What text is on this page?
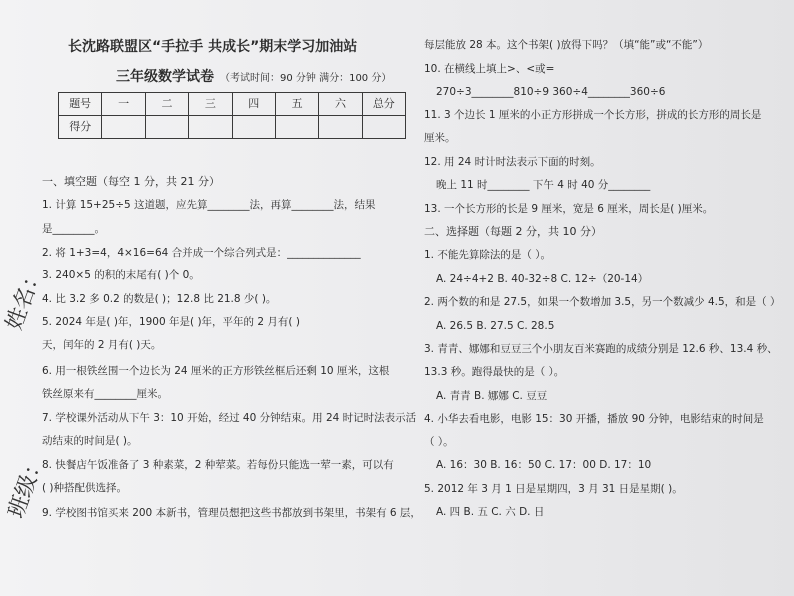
姓名：
班级：
长沈路联盟区“手拉手 共成长”期末学习加油站
三年级数学试卷 （考试时间：90 分钟 满分：100 分）
题号	一	二	三	四	五	六	总分
得分							
一、填空题（每空 1 分，共 21 分）
1. 计算 15+25÷5 这道题，应先算________法，再算________法，结果
是________。
2. 将 1+3=4，4×16=64 合并成一个综合列式是：______________
3. 240×5 的积的末尾有( )个 0。
4. 比 3.2 多 0.2 的数是( )；12.8 比 21.8 少( )。
5. 2024 年是( )年，1900 年是( )年，平年的 2 月有( )
天，闰年的 2 月有( )天。
6. 用一根铁丝围一个边长为 24 厘米的正方形铁丝框后还剩 10 厘米，这根
铁丝原来有________厘米。
7. 学校课外活动从下午 3：10 开始，经过 40 分钟结束。用 24 时记时法表示活
动结束的时间是( )。
8. 快餐店午饭准备了 3 种素菜，2 种荤菜。若每份只能选一荤一素，可以有
( )种搭配供选择。
9. 学校图书馆买来 200 本新书，管理员想把这些书都放到书架里，书架有 6 层，
每层能放 28 本。这个书架( )放得下吗？（填“能”或“不能”）
10. 在横线上填上>、<或=
270÷3________810÷9 360÷4________360÷6
11. 3 个边长 1 厘米的小正方形拼成一个长方形，拼成的长方形的周长是
厘米。
12. 用 24 时计时法表示下面的时刻。
晚上 11 时________ 下午 4 时 40 分________
13. 一个长方形的长是 9 厘米，宽是 6 厘米，周长是( )厘米。
二、选择题（每题 2 分，共 10 分）
1. 不能先算除法的是（ ）。
A. 24÷4+2 B. 40-32÷8 C. 12÷（20-14）
2. 两个数的和是 27.5，如果一个数增加 3.5，另一个数减少 4.5，和是（ ）
A. 26.5 B. 27.5 C. 28.5
3. 青青、娜娜和豆豆三个小朋友百米赛跑的成绩分别是 12.6 秒、13.4 秒、
13.3 秒。跑得最快的是（ ）。
A. 青青 B. 娜娜 C. 豆豆
4. 小华去看电影，电影 15：30 开播，播放 90 分钟，电影结束的时间是
（ ）。
A. 16：30 B. 16：50 C. 17：00 D. 17：10
5. 2012 年 3 月 1 日是星期四，3 月 31 日是星期( )。
A. 四 B. 五 C. 六 D. 日
